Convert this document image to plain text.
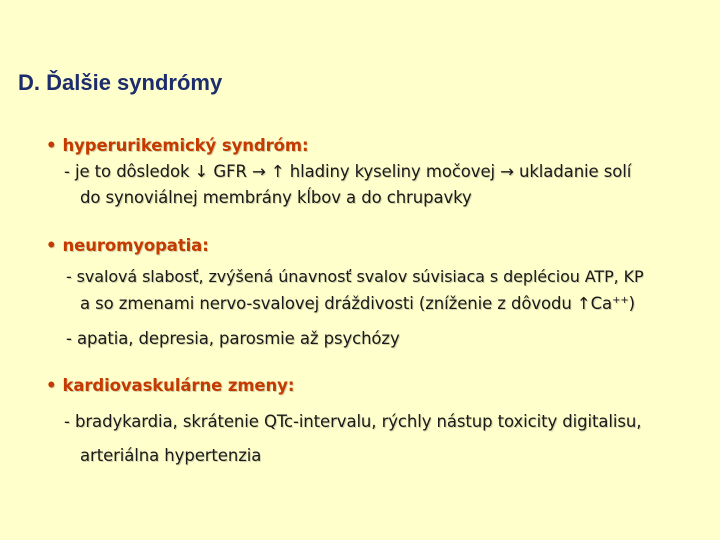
D. Ďalšie syndrómy
• hyperurikemický syndróm:
- je to dôsledok ↓ GFR → ↑ hladiny kyseliny močovej → ukladanie solí
do synoviálnej membrány kĺbov a do chrupavky
• neuromyopatia:
- svalová slabosť, zvýšená únavnosť svalov súvisiaca s depléciou ATP, KP
a so zmenami nervo-svalovej dráždivosti (zníženie z dôvodu ↑Ca++)
- apatia, depresia, parosmie až psychózy
• kardiovaskulárne zmeny:
- bradykardia, skrátenie QTc-intervalu, rýchly nástup toxicity digitalisu,
arteriálna hypertenzia
